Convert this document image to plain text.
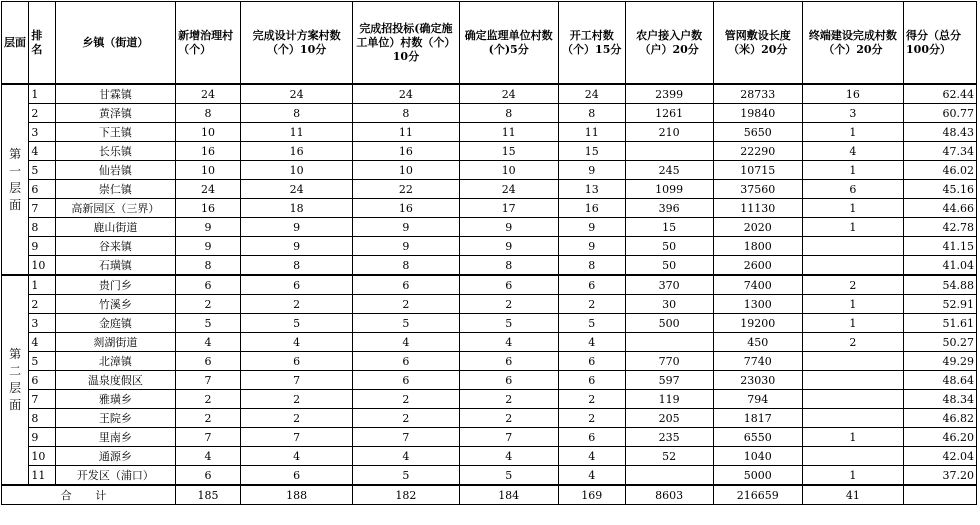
层面	排名	乡镇（街道）	新增治理村（个）	完成设计方案村数（个）10分	完成招投标(确定施工单位）村数（个）10分	确定监理单位村数(个)5分	开工村数（个）15分	农户接入户数（户）20分	管网敷设长度（米）20分	终端建设完成村数（个）20分	得分（总分100分）

第
一
层
面	1	甘霖镇	24	24	24	24	24	2399	28733	16	62.44
	2	黄泽镇	8	8	8	8	8	1261	19840	3	60.77
	3	下王镇	10	11	11	11	11	210	5650	1	48.43
	4	长乐镇	16	16	16	15	15		22290	4	47.34
	5	仙岩镇	10	10	10	10	9	245	10715	1	46.02
	6	崇仁镇	24	24	22	24	13	1099	37560	6	45.16
	7	高新园区（三界）	16	18	16	17	16	396	11130	1	44.66
	8	鹿山街道	9	9	9	9	9	15	2020	1	42.78
	9	谷来镇	9	9	9	9	9	50	1800		41.15
	10	石璜镇	8	8	8	8	8	50	2600		41.04

第
二
层
面	1	贵门乡	6	6	6	6	6	370	7400	2	54.88
	2	竹溪乡	2	2	2	2	2	30	1300	1	52.91
	3	金庭镇	5	5	5	5	5	500	19200	1	51.61
	4	剡湖街道	4	4	4	4	4		450	2	50.27
	5	北漳镇	6	6	6	6	6	770	7740		49.29
	6	温泉度假区	7	7	6	6	6	597	23030		48.64
	7	雅璜乡	2	2	2	2	2	119	794		48.34
	8	王院乡	2	2	2	2	2	205	1817		46.82
	9	里南乡	7	7	7	7	6	235	6550	1	46.20
	10	通源乡	4	4	4	4	4	52	1040		42.04
	11	开发区（浦口）	6	6	5	5	4		5000	1	37.20
合 计			185	188	182	184	169	8603	216659	41	
